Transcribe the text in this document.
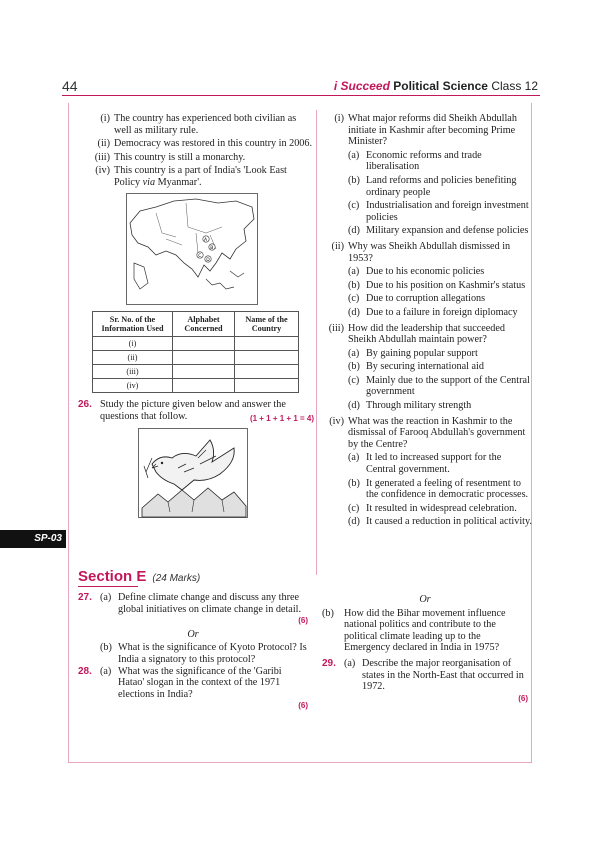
44	i Succeed Political Science Class 12
(i) The country has experienced both civilian as well as military rule.
(ii) Democracy was restored in this country in 2006.
(iii) This country is still a monarchy.
(iv) This country is a part of India's 'Look East Policy via Myanmar'.
A
B
C
D
Sr. No. of the Information Used	Alphabet Concerned	Name of the Country
(i)		
(ii)		
(iii)		
(iv)		
26. Study the picture given below and answer the questions that follow.	(1 + 1 + 1 + 1 = 4)
(i) What major reforms did Sheikh Abdullah initiate in Kashmir after becoming Prime Minister?
(a) Economic reforms and trade liberalisation
(b) Land reforms and policies benefiting ordinary people
(c) Industrialisation and foreign investment policies
(d) Military expansion and defense policies
(ii) Why was Sheikh Abdullah dismissed in 1953?
(a) Due to his economic policies
(b) Due to his position on Kashmir's status
(c) Due to corruption allegations
(d) Due to a failure in foreign diplomacy
(iii) How did the leadership that succeeded Sheikh Abdullah maintain power?
(a) By gaining popular support
(b) By securing international aid
(c) Mainly due to the support of the Central government
(d) Through military strength
(iv) What was the reaction in Kashmir to the dismissal of Farooq Abdullah's government by the Centre?
(a) It led to increased support for the Central government.
(b) It generated a feeling of resentment to the confidence in democratic processes.
(c) It resulted in widespread celebration.
(d) It caused a reduction in political activity.
SP-03
Section E (24 Marks)
27. (a) Define climate change and discuss any three global initiatives on climate change in detail.
(6)
Or
(b) What is the significance of Kyoto Protocol? Is India a signatory to this protocol?
28. (a) What was the significance of the 'Garibi Hatao' slogan in the context of the 1971 elections in India?
(6)
Or
(b) How did the Bihar movement influence national politics and contribute to the political climate leading up to the Emergency declared in India in 1975?
29. (a) Describe the major reorganisation of states in the North-East that occurred in 1972.
(6)
